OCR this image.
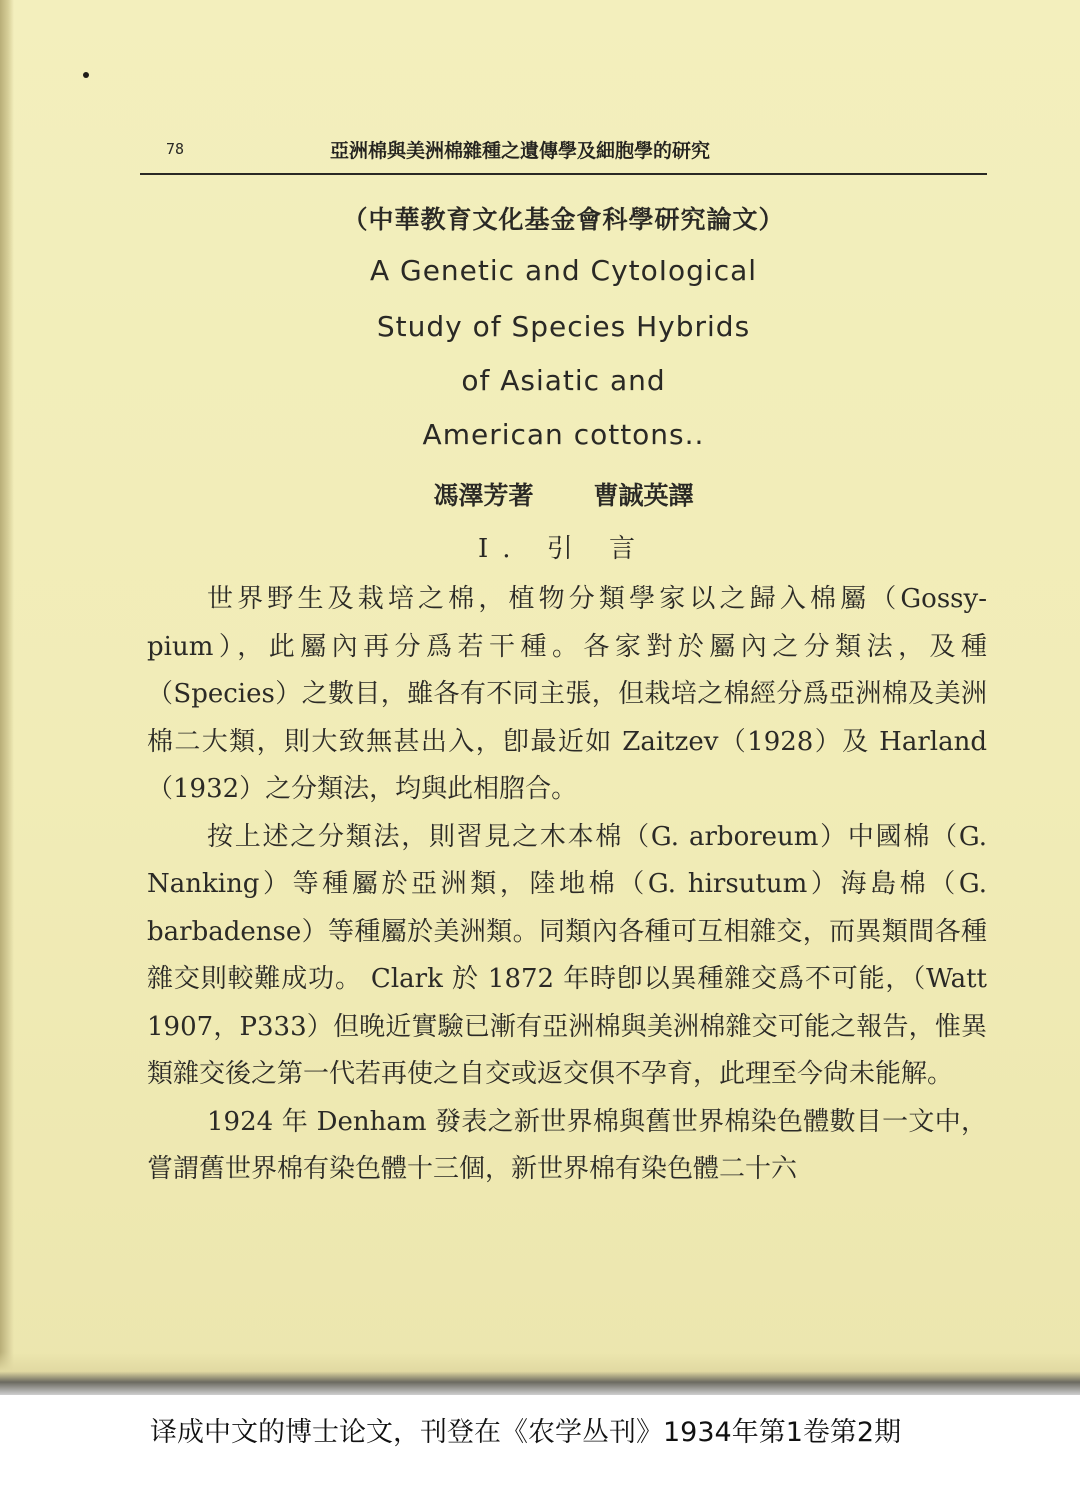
78	亞洲棉與美洲棉雜種之遺傳學及細胞學的研究
（中華教育文化基金會科學研究論文）
A Genetic and CytoIogical
Study of Species Hybrids
of Asiatic and
American cottons..
馮澤芳著 曹誠英譯
I. 引 言

世界野生及栽培之棉，植物分類學家以之歸入棉屬（Gossy-pium），此屬內再分爲若干種。各家對於屬內之分類法，及種（Species）之數目，雖各有不同主張，但栽培之棉經分爲亞洲棉及美洲棉二大類，則大致無甚出入，卽最近如 Zaitzev（1928）及 Harland（1932）之分類法，均與此相脗合。

按上述之分類法，則習見之木本棉（G. arboreum）中國棉（G. Nanking）等種屬於亞洲類，陸地棉（G. hirsutum）海島棉（G. barbadense）等種屬於美洲類。同類內各種可互相雜交，而異類間各種雜交則較難成功。 Clark 於 1872 年時卽以異種雜交爲不可能，（Watt 1907，P333）但晚近實驗已漸有亞洲棉與美洲棉雜交可能之報告，惟異類雜交後之第一代若再使之自交或返交俱不孕育，此理至今尙未能解。

1924 年 Denham 發表之新世界棉與舊世界棉染色體數目一文中，嘗謂舊世界棉有染色體十三個，新世界棉有染色體二十六

译成中文的博士论文，刊登在《农学丛刊》1934年第1卷第2期
